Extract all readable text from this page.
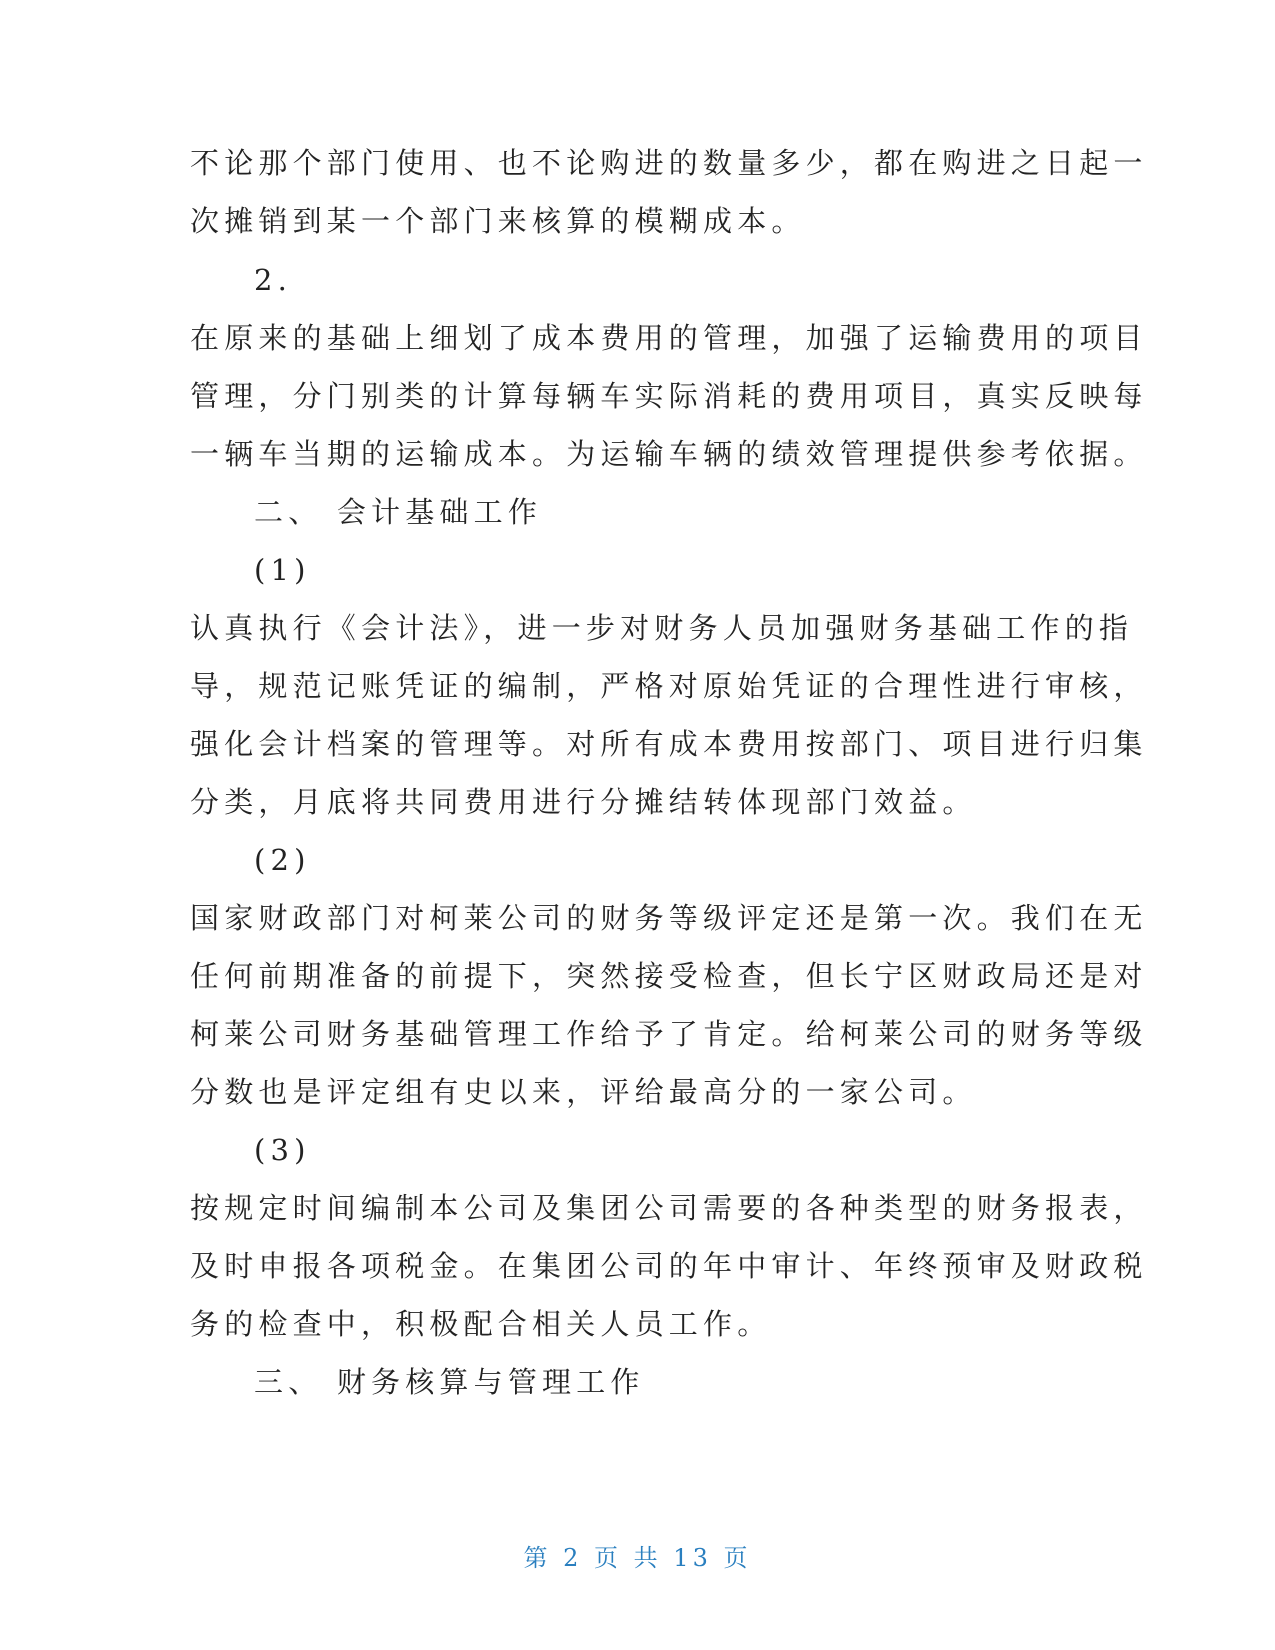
不论那个部门使用、也不论购进的数量多少，都在购进之日起一
次摊销到某一个部门来核算的模糊成本。
2.
在原来的基础上细划了成本费用的管理，加强了运输费用的项目
管理，分门别类的计算每辆车实际消耗的费用项目，真实反映每
一辆车当期的运输成本。为运输车辆的绩效管理提供参考依据。
二、 会计基础工作
(1)
认真执行《会计法》，进一步对财务人员加强财务基础工作的指
导，规范记账凭证的编制，严格对原始凭证的合理性进行审核，
强化会计档案的管理等。对所有成本费用按部门、项目进行归集
分类，月底将共同费用进行分摊结转体现部门效益。
(2)
国家财政部门对柯莱公司的财务等级评定还是第一次。我们在无
任何前期准备的前提下，突然接受检查，但长宁区财政局还是对
柯莱公司财务基础管理工作给予了肯定。给柯莱公司的财务等级
分数也是评定组有史以来，评给最高分的一家公司。
(3)
按规定时间编制本公司及集团公司需要的各种类型的财务报表，
及时申报各项税金。在集团公司的年中审计、年终预审及财政税
务的检查中，积极配合相关人员工作。
三、 财务核算与管理工作
第 2 页 共 13 页
